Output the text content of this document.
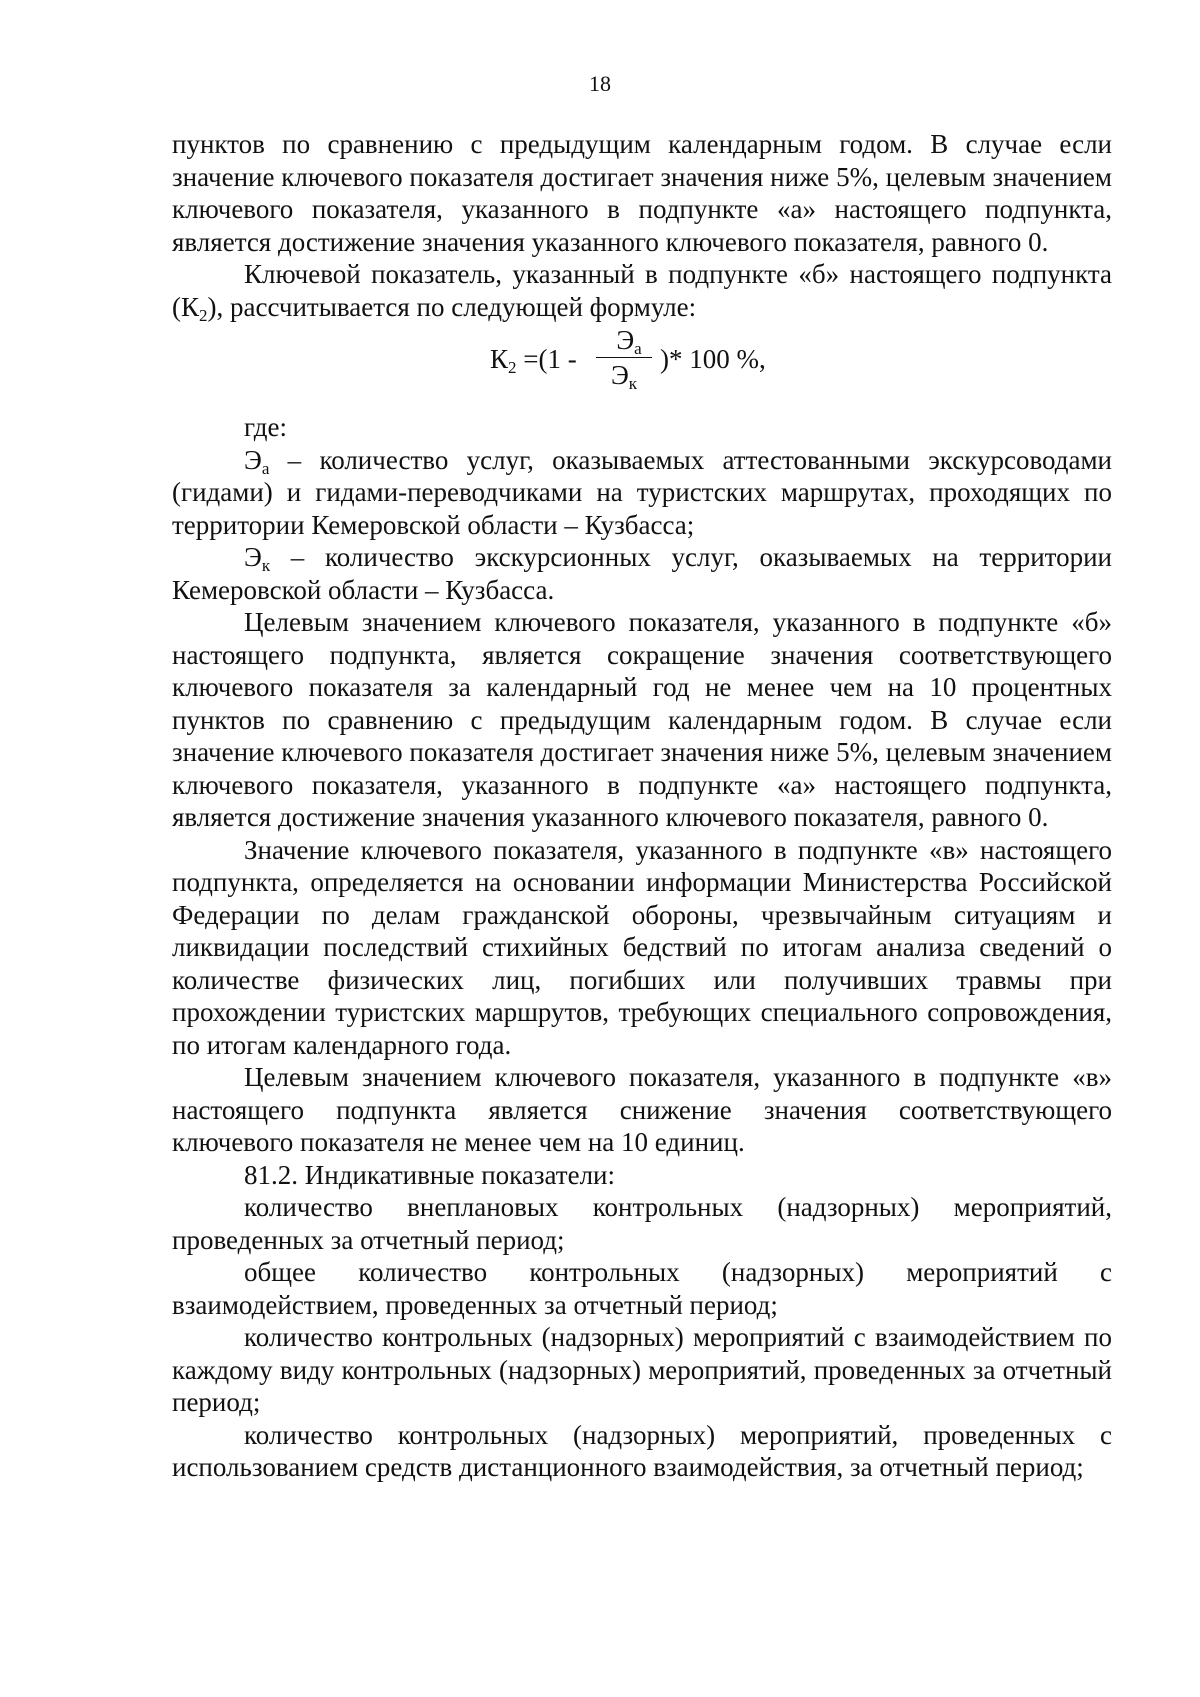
18

пунктов по сравнению с предыдущим календарным годом. В случае если значение ключевого показателя достигает значения ниже 5%, целевым значением ключевого показателя, указанного в подпункте «а» настоящего подпункта, является достижение значения указанного ключевого показателя, равного 0.

Ключевой показатель, указанный в подпункте «б» настоящего подпункта $(К_2)$, рассчитывается по следующей формуле:

$К_2 =(1$ -
$Э_а$
$Э_к$
)* 100 %,

где:

$Э_а$ – количество услуг, оказываемых аттестованными экскурсоводами (гидами) и гидами-переводчиками на туристских маршрутах, проходящих по территории Кемеровской области – Кузбасса;

$Э_к$ – количество экскурсионных услуг, оказываемых на территории Кемеровской области – Кузбасса.

Целевым значением ключевого показателя, указанного в подпункте «б» настоящего подпункта, является сокращение значения соответствующего ключевого показателя за календарный год не менее чем на 10 процентных пунктов по сравнению с предыдущим календарным годом. В случае если значение ключевого показателя достигает значения ниже 5%, целевым значением ключевого показателя, указанного в подпункте «а» настоящего подпункта, является достижение значения указанного ключевого показателя, равного 0.

Значение ключевого показателя, указанного в подпункте «в» настоящего подпункта, определяется на основании информации Министерства Российской Федерации по делам гражданской обороны, чрезвычайным ситуациям и ликвидации последствий стихийных бедствий по итогам анализа сведений о количестве физических лиц, погибших или получивших травмы при прохождении туристских маршрутов, требующих специального сопровождения, по итогам календарного года.

Целевым значением ключевого показателя, указанного в подпункте «в» настоящего подпункта является снижение значения соответствующего ключевого показателя не менее чем на 10 единиц.

81.2. Индикативные показатели:

количество внеплановых контрольных (надзорных) мероприятий, проведенных за отчетный период;

общее количество контрольных (надзорных) мероприятий с взаимодействием, проведенных за отчетный период;

количество контрольных (надзорных) мероприятий с взаимодействием по каждому виду контрольных (надзорных) мероприятий, проведенных за отчетный период;

количество контрольных (надзорных) мероприятий, проведенных с использованием средств дистанционного взаимодействия, за отчетный период;
